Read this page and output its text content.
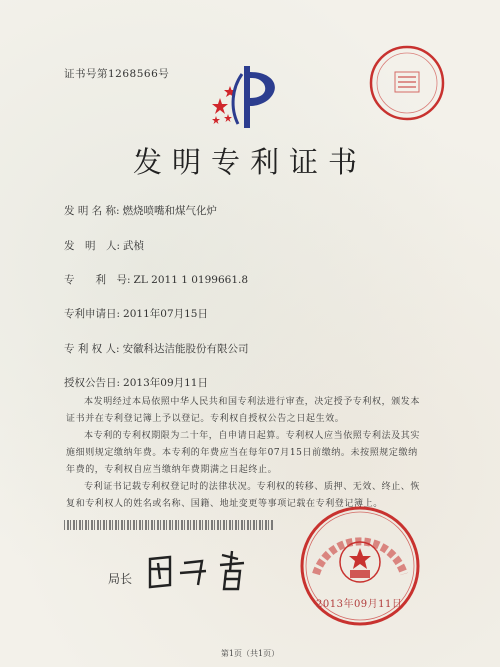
证书号第1268566号
发明专利证书
发 明 名 称: 燃烧喷嘴和煤气化炉
发　明　人: 武楨
专　　利　号: ZL 2011 1 0199661.8
专利申请日: 2011年07月15日
专 利 权 人: 安徽科达洁能股份有限公司
授权公告日: 2013年09月11日
本发明经过本局依照中华人民共和国专利法进行审查，决定授予专利权，颁发本证书并在专利登记簿上予以登记。专利权自授权公告之日起生效。
本专利的专利权期限为二十年，自申请日起算。专利权人应当依照专利法及其实施细则规定缴纳年费。本专利的年费应当在每年07月15日前缴纳。未按照规定缴纳年费的，专利权自应当缴纳年费期满之日起终止。
专利证书记载专利权登记时的法律状况。专利权的转移、质押、无效、终止、恢复和专利权人的姓名或名称、国籍、地址变更等事项记载在专利登记簿上。
局长
2013年09月11日
第1页（共1页）
